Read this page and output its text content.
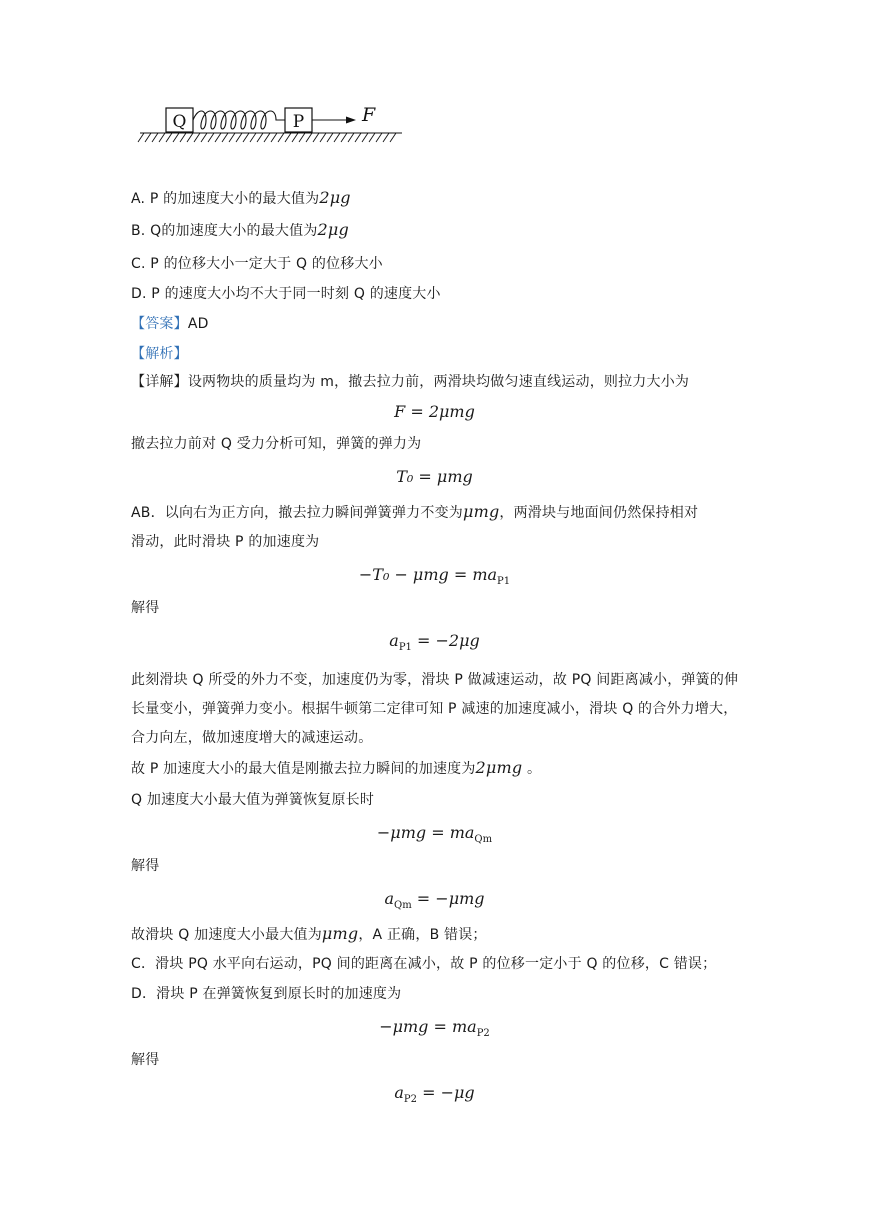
Q	P	F
A. P 的加速度大小的最大值为2μg
B. Q的加速度大小的最大值为2μg
C. P 的位移大小一定大于 Q 的位移大小
D. P 的速度大小均不大于同一时刻 Q 的速度大小
【答案】AD
【解析】
【详解】设两物块的质量均为 m，撤去拉力前，两滑块均做匀速直线运动，则拉力大小为
F = 2μmg
撤去拉力前对 Q 受力分析可知，弹簧的弹力为
T₀ = μmg
AB．以向右为正方向，撤去拉力瞬间弹簧弹力不变为μmg，两滑块与地面间仍然保持相对
滑动，此时滑块 P 的加速度为
$-T_0 - \mu mg = ma_{P1}$
解得
$a_{P1} = -2\mu g$
此刻滑块 Q 所受的外力不变，加速度仍为零，滑块 P 做减速运动，故 PQ 间距离减小，弹簧的伸长量变小，弹簧弹力变小。根据牛顿第二定律可知 P 减速的加速度减小，滑块 Q 的合外力增大，合力向左，做加速度增大的减速运动。
故 P 加速度大小的最大值是刚撤去拉力瞬间的加速度为2μmg 。
Q 加速度大小最大值为弹簧恢复原长时
$-\mu mg = ma_{Qm}$
解得
$a_{Qm} = -\mu mg$
故滑块 Q 加速度大小最大值为μmg，A 正确，B 错误；
C．滑块 PQ 水平向右运动，PQ 间的距离在减小，故 P 的位移一定小于 Q 的位移，C 错误；
D．滑块 P 在弹簧恢复到原长时的加速度为
$-\mu mg = ma_{P2}$
解得
$a_{P2} = -\mu g$
